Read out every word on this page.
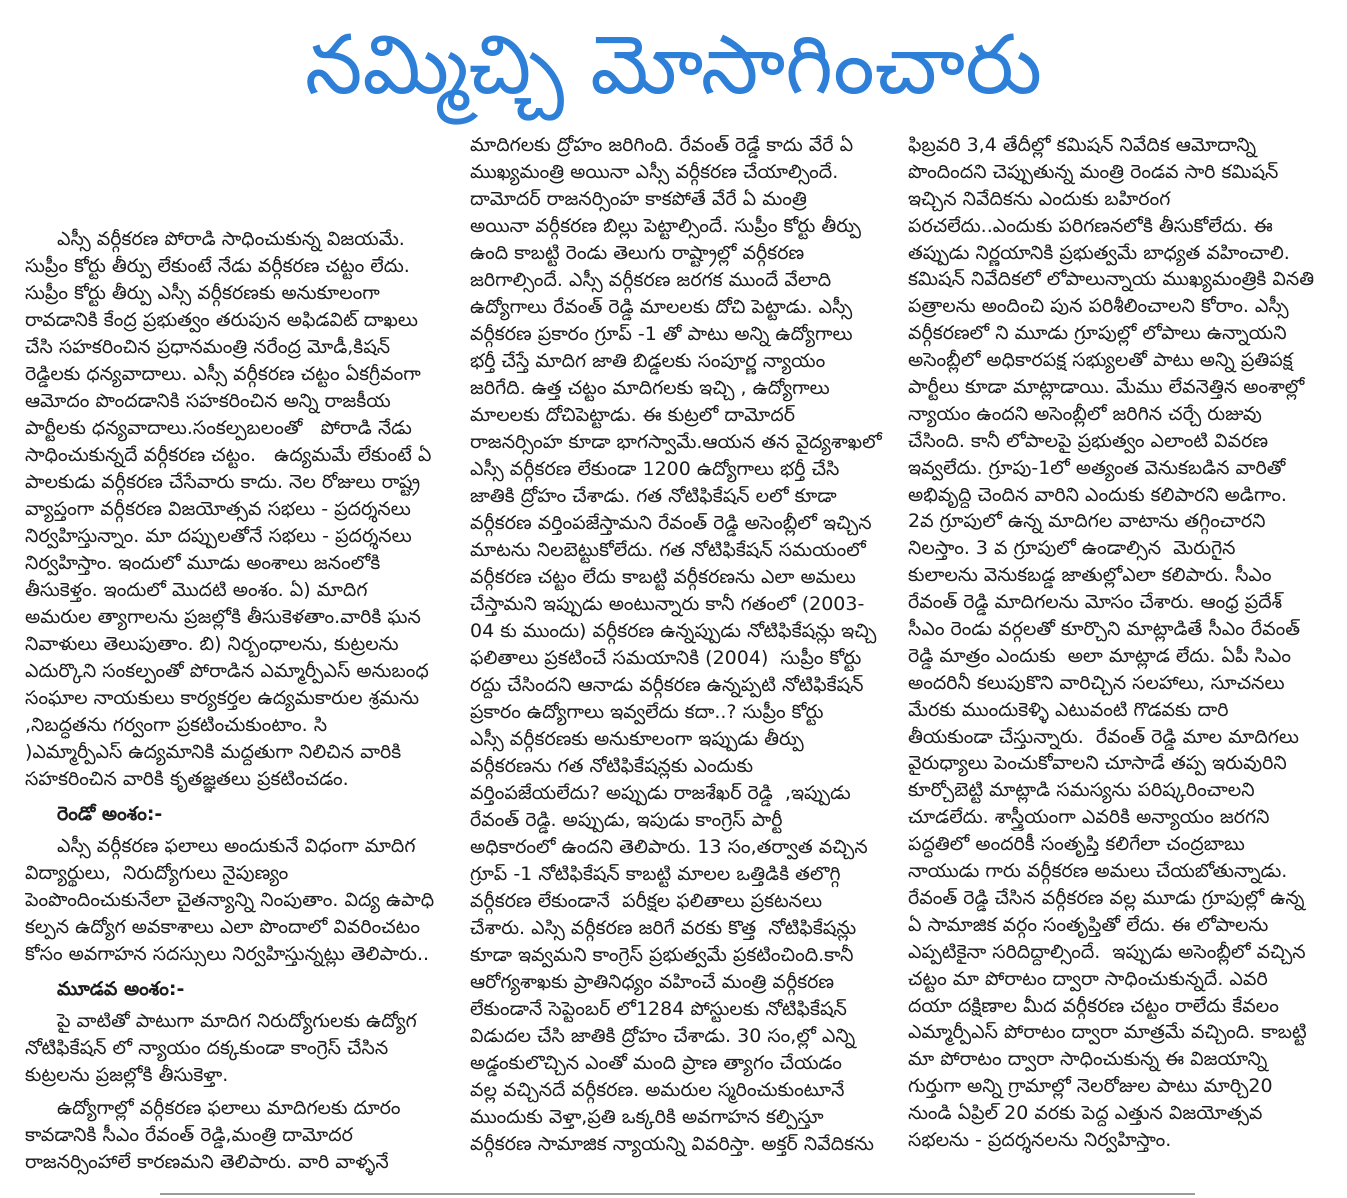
నమ్మిచ్చి మోసాగించారు

ఎస్సీ వర్గీకరణ పోరాడి సాధించుకున్న విజయమే.
సుప్రీం కోర్టు తీర్పు లేకుంటే నేడు వర్గీకరణ చట్టం లేదు.
సుప్రీం కోర్టు తీర్పు ఎస్సీ వర్గీకరణకు అనుకూలంగా
రావడానికి కేంద్ర ప్రభుత్వం తరుపున అఫిడవిట్ దాఖలు
చేసి సహకరించిన ప్రధానమంత్రి నరేంద్ర మోడీ,కిషన్
రెడ్డిలకు ధన్యవాదాలు. ఎస్సీ వర్గీకరణ చట్టం ఏకగ్రీవంగా
ఆమోదం పొందడానికి సహకరించిన అన్ని రాజకీయ
పార్టీలకు ధన్యవాదాలు.సంకల్పబలంతో   పోరాడి నేడు
సాధించుకున్నదే వర్గీకరణ చట్టం.   ఉద్యమమే లేకుంటే ఏ
పాలకుడు వర్గీకరణ చేసేవారు కాదు. నెల రోజులు రాష్ట్ర
వ్యాప్తంగా వర్గీకరణ విజయోత్సవ సభలు - ప్రదర్శనలు
నిర్వహిస్తున్నాం. మా దప్పులతోనే సభలు - ప్రదర్శనలు
నిర్వహిస్తాం. ఇందులో మూడు అంశాలు జనంలోకి
తీసుకెళ్తం. ఇందులో మొదటి అంశం. ఏ) మాదిగ
అమరుల త్యాగాలను ప్రజల్లోకి తీసుకెళతాం.వారికి ఘన
నివాళులు తెలుపుతాం. బి) నిర్బంధాలను, కుట్రలను
ఎదుర్కొని సంకల్పంతో పోరాడిన ఎమ్మార్పీఎస్ అనుబంధ
సంఘాల నాయకులు కార్యకర్తల ఉద్యమకారుల శ్రమను
,నిబద్ధతను గర్వంగా ప్రకటించుకుంటాం. సి
)ఎమ్మార్పీఎస్ ఉద్యమానికి మద్దతుగా నిలిచిన వారికి
సహకరించిన వారికి కృతజ్ఞతలు ప్రకటించడం.
రెండో అంశం:-
ఎస్సీ వర్గీకరణ ఫలాలు అందుకునే విధంగా మాదిగ
విద్యార్థులు,  నిరుద్యోగులు నైపుణ్యం
పెంపొందించుకునేలా చైతన్యాన్ని నింపుతాం. విద్య ఉపాధి
కల్పన ఉద్యోగ అవకాశాలు ఎలా పొందాలో వివరించటం
కోసం అవగాహన సదస్సులు నిర్వహిస్తున్నట్లు తెలిపారు..
మూడవ అంశం:-
పై వాటితో పాటుగా మాదిగ నిరుద్యోగులకు ఉద్యోగ
నోటిఫికేషన్ లో న్యాయం దక్కకుండా కాంగ్రెస్ చేసిన
కుట్రలను ప్రజల్లోకి తీసుకెళ్తా.
ఉద్యోగాల్లో వర్గీకరణ ఫలాలు మాదిగలకు దూరం
కావడానికి సీఎం రేవంత్ రెడ్డి,మంత్రి దామోదర
రాజనర్సింహాలే కారణమని తెలిపారు. వారి వాళ్ళనే
మాదిగలకు ద్రోహం జరిగింది. రేవంత్ రెడ్డే కాదు వేరే ఏ
ముఖ్యమంత్రి అయినా ఎస్సీ వర్గీకరణ చేయాల్సిందే.
దామోదర్ రాజనర్సింహ కాకపోతే వేరే ఏ మంత్రి
అయినా వర్గీకరణ బిల్లు పెట్టాల్సిందే. సుప్రీం కోర్టు తీర్పు
ఉంది కాబట్టి రెండు తెలుగు రాష్ట్రాల్లో వర్గీకరణ
జరిగాల్సిందే. ఎస్సీ వర్గీకరణ జరగక ముందే వేలాది
ఉద్యోగాలు రేవంత్ రెడ్డి మాలలకు దోచి పెట్టాడు. ఎస్సీ
వర్గీకరణ ప్రకారం గ్రూప్ -1 తో పాటు అన్ని ఉద్యోగాలు
భర్తీ చేస్తే మాదిగ జాతి బిడ్డలకు సంపూర్ణ న్యాయం
జరిగేది. ఉత్త చట్టం మాదిగలకు ఇచ్చి , ఉద్యోగాలు
మాలలకు దోచిపెట్టాడు. ఈ కుట్రలో దామోదర్
రాజనర్సింహ కూడా భాగస్వామే.ఆయన తన వైద్యశాఖలో
ఎస్సీ వర్గీకరణ లేకుండా 1200 ఉద్యోగాలు భర్తీ చేసి
జాతికి ద్రోహం చేశాడు. గత నోటిఫికేషన్ లలో కూడా
వర్గీకరణ వర్తింపజేస్తామని రేవంత్ రెడ్డి అసెంబ్లీలో ఇచ్చిన
మాటను నిలబెట్టుకోలేదు. గత నోటిఫికేషన్ సమయంలో
వర్గీకరణ చట్టం లేదు కాబట్టి వర్గీకరణను ఎలా అమలు
చేస్తామని ఇప్పుడు అంటున్నారు కానీ గతంలో (2003-
04 కు ముందు) వర్గీకరణ ఉన్నప్పుడు నోటిఫికేషన్లు ఇచ్చి
ఫలితాలు ప్రకటించే సమయానికి (2004)  సుప్రీం కోర్టు
రద్దు చేసిందని ఆనాడు వర్గీకరణ ఉన్నప్పటి నోటిఫికేషన్
ప్రకారం ఉద్యోగాలు ఇవ్వలేదు కదా..? సుప్రీం కోర్టు
ఎస్సీ వర్గీకరణకు అనుకూలంగా ఇప్పుడు తీర్పు
వర్గీకరణను గత నోటిఫికేషన్లకు ఎందుకు
వర్తింపజేయలేదు? అప్పుడు రాజశేఖర్ రెడ్డి  ,ఇప్పుడు
రేవంత్ రెడ్డి. అప్పుడు, ఇపుడు కాంగ్రెస్ పార్టీ
అధికారంలో ఉందని తెలిపారు. 13 సం,తర్వాత వచ్చిన
గ్రూప్ -1 నోటిఫికేషన్ కాబట్టి మాలల ఒత్తిడికి తలొగ్గి
వర్గీకరణ లేకుండానే  పరీక్షల ఫలితాలు ప్రకటనలు
చేశారు. ఎస్సి వర్గీకరణ జరిగే వరకు కొత్త  నోటిఫికేషన్లు
కూడా ఇవ్వమని కాంగ్రెస్ ప్రభుత్వమే ప్రకటించింది.కానీ
ఆరోగ్యశాఖకు ప్రాతినిధ్యం వహించే మంత్రి వర్గీకరణ
లేకుండానే సెప్టెంబర్ లో1284 పోస్టులకు నోటిఫికేషన్
విడుదల చేసి జాతికి ద్రోహం చేశాడు. 30 సం,ల్లో ఎన్ని
అడ్డంకులొచ్చిన ఎంతో మంది ప్రాణ త్యాగం చేయడం
వల్ల వచ్చినదే వర్గీకరణ. అమరుల స్మరించుకుంటూనే
ముందుకు వెళ్తా,ప్రతి ఒక్కరికి అవగాహన కల్పిస్తూ
వర్గీకరణ సామాజిక న్యాయన్ని వివరిస్తా. అక్తర్ నివేదికను
ఫిబ్రవరి 3,4 తేదీల్లో కమిషన్ నివేదిక ఆమోదాన్ని
పొందిందని చెప్పుతున్న మంత్రి రెండవ సారి కమిషన్
ఇచ్చిన నివేదికను ఎందుకు బహిరంగ
పరచలేదు..ఎందుకు పరిగణనలోకి తీసుకోలేదు. ఈ
తప్పుడు నిర్ణయానికి ప్రభుత్వమే బాధ్యత వహించాలి.
కమిషన్ నివేదికలో లోపాలున్నాయ ముఖ్యమంత్రికి వినతి
పత్రాలను అందించి పున పరిశీలించాలని కోరాం. ఎస్సీ
వర్గీకరణలో ని మూడు గ్రూపుల్లో లోపాలు ఉన్నాయని
అసెంబ్లీలో అధికారపక్ష సభ్యులతో పాటు అన్ని ప్రతిపక్ష
పార్టీలు కూడా మాట్లాడాయి. మేము లేవనెత్తిన అంశాల్లో
న్యాయం ఉందని అసెంబ్లీలో జరిగిన చర్చే రుజువు
చేసింది. కానీ లోపాలపై ప్రభుత్వం ఎలాంటి వివరణ
ఇవ్వలేదు. గ్రూపు-1లో అత్యంత వెనుకబడిన వారితో
అభివృద్ధి చెందిన వారిని ఎందుకు కలిపారని అడిగాం.
2వ గ్రూపులో ఉన్న మాదిగల వాటాను తగ్గించారని
నిలస్తాం. 3 వ గ్రూపులో ఉండాల్సిన  మెరుగైన
కులాలను వెనుకబడ్డ జాతుల్లోఎలా కలిపారు. సీఎం
రేవంత్ రెడ్డి మాదిగలను మోసం చేశారు. ఆంధ్ర ప్రదేశ్
సీఎం రెండు వర్గలతో కూర్చొని మాట్లాడితే సీఎం రేవంత్
రెడ్డి మాత్రం ఎందుకు  అలా మాట్లాడ లేదు. ఏపీ సిఎం
అందరినీ కలుపుకొని వారిచ్చిన సలహాలు, సూచనలు
మేరకు ముందుకెళ్ళి ఎటువంటి గొడవకు దారి
తీయకుండా చేస్తున్నారు.  రేవంత్ రెడ్డి మాల మాదిగలు
వైరుధ్యాలు పెంచుకోవాలని చూసాడే తప్ప ఇరువురిని
కూర్చోబెట్టి మాట్లాడి సమస్యను పరిష్కరించాలని
చూడలేదు. శాస్త్రీయంగా ఎవరికి అన్యాయం జరగని
పద్ధతిలో అందరికీ సంతృప్తి కలిగేలా చంద్రబాబు
నాయుడు గారు వర్గీకరణ అమలు చేయబోతున్నాడు.
రేవంత్ రెడ్డి చేసిన వర్గీకరణ వల్ల మూడు గ్రూపుల్లో ఉన్న
ఏ సామాజిక వర్గం సంతృప్తితో లేదు. ఈ లోపాలను
ఎప్పటికైనా సరిదిద్దాల్సిందే.  ఇప్పుడు అసెంబ్లీలో వచ్చిన
చట్టం మా పోరాటం ద్వారా సాధించుకున్నదే. ఎవరి
దయా దక్షిణాల మీద వర్గీకరణ చట్టం రాలేదు కేవలం
ఎమ్మార్పీఎస్ పోరాటం ద్వారా మాత్రమే వచ్చింది. కాబట్టి
మా పోరాటం ద్వారా సాధించుకున్న ఈ విజయాన్ని
గుర్తుగా అన్ని గ్రామాల్లో నెలరోజుల పాటు మార్చి20
నుండి ఏప్రిల్ 20 వరకు పెద్ద ఎత్తున విజయోత్సవ
సభలను - ప్రదర్శనలను నిర్వహిస్తాం.
